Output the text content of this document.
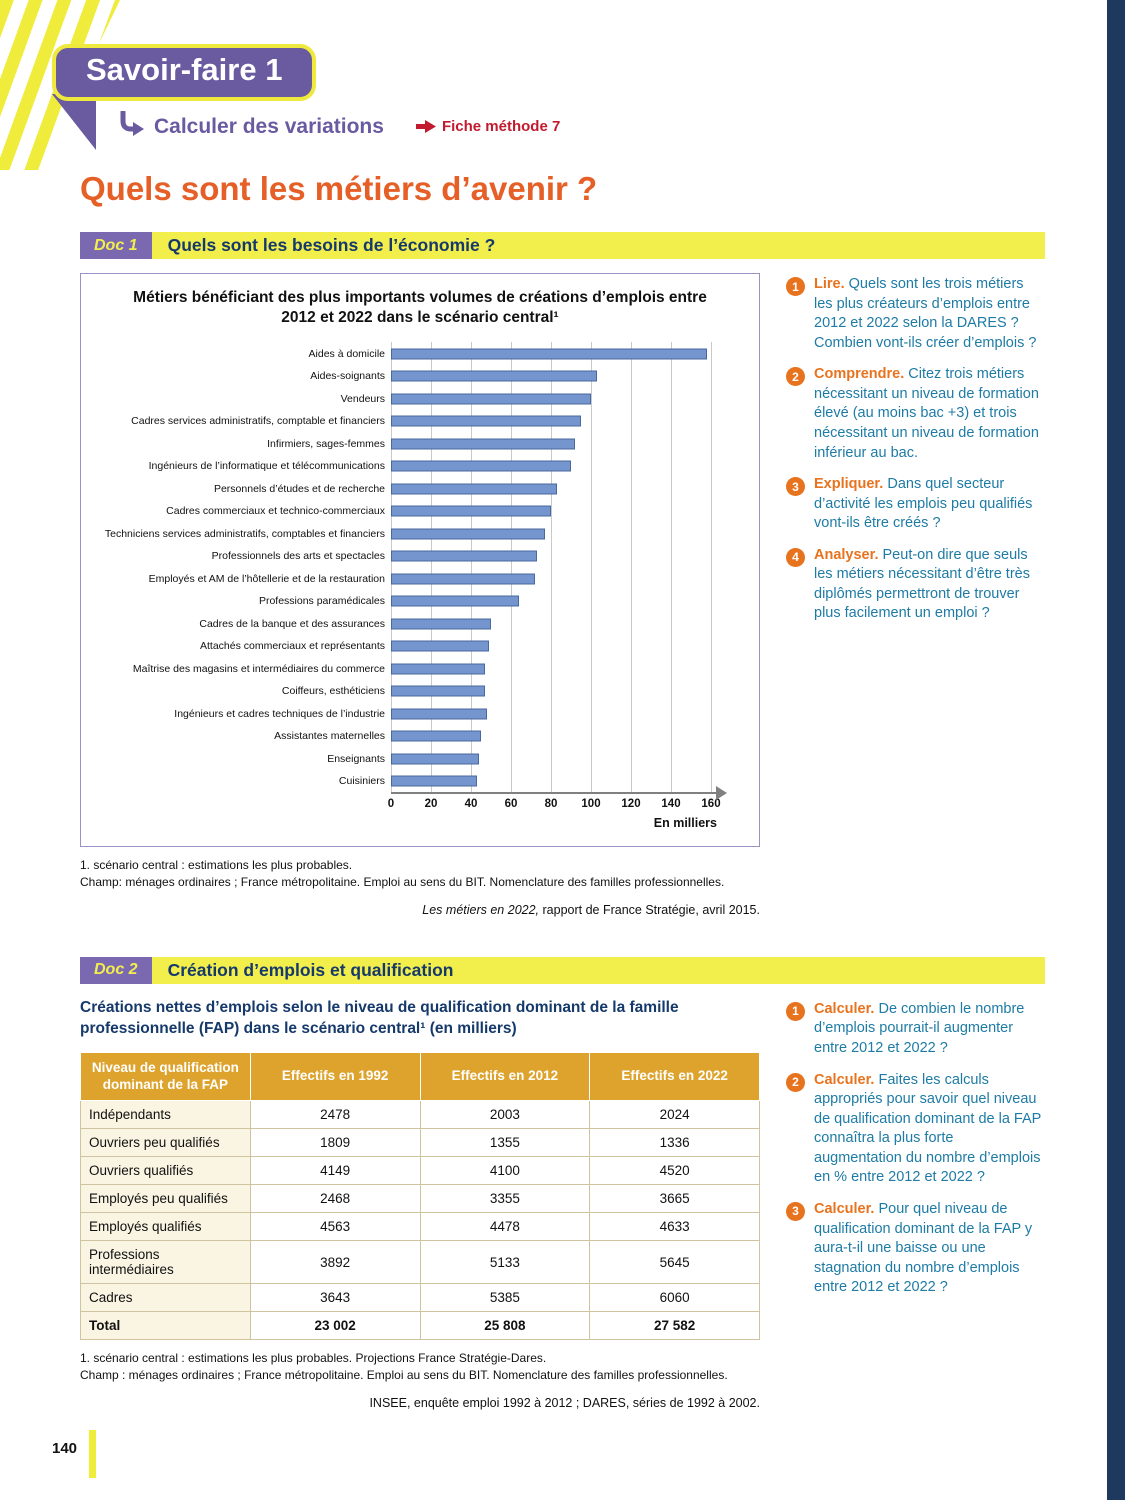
Savoir-faire 1
Calculer des variations	Fiche méthode 7
Quels sont les métiers d’avenir ?
Doc 1	Quels sont les besoins de l’économie ?
Métiers bénéficiant des plus importants volumes de créations d’emplois entre 2012 et 2022 dans le scénario central¹
Aides à domicile
Aides-soignants
Vendeurs
Cadres services administratifs, comptable et financiers
Infirmiers, sages-femmes
Ingénieurs de l’informatique et télécommunications
Personnels d’études et de recherche
Cadres commerciaux et technico-commerciaux
Techniciens services administratifs, comptables et financiers
Professionnels des arts et spectacles
Employés et AM de l’hôtellerie et de la restauration
Professions paramédicales
Cadres de la banque et des assurances
Attachés commerciaux et représentants
Maîtrise des magasins et intermédiaires du commerce
Coiffeurs, esthéticiens
Ingénieurs et cadres techniques de l’industrie
Assistantes maternelles
Enseignants
Cuisiniers
0	20 40 60 80 100 120 140 160
En milliers
1. scénario central : estimations les plus probables.
Champ: ménages ordinaires ; France métropolitaine. Emploi au sens du BIT. Nomenclature des familles professionnelles.
Les métiers en 2022, rapport de France Stratégie, avril 2015.
1	Lire. Quels sont les trois métiers les plus créateurs d’emplois entre 2012 et 2022 selon la DARES ? Combien vont-ils créer d’emplois ?
2	Comprendre. Citez trois métiers nécessitant un niveau de formation élevé (au moins bac +3) et trois nécessitant un niveau de formation inférieur au bac.
3	Expliquer. Dans quel secteur d’activité les emplois peu qualifiés vont-ils être créés ?
4	Analyser. Peut-on dire que seuls les métiers nécessitant d’être très diplômés permettront de trouver plus facilement un emploi ?
Doc 2	Création d’emplois et qualification
Créations nettes d’emplois selon le niveau de qualification dominant de la famille professionnelle (FAP) dans le scénario central¹ (en milliers)
Niveau de qualification dominant de la FAP	Effectifs en 1992	Effectifs en 2012	Effectifs en 2022
Indépendants	2478	2003	2024
Ouvriers peu qualifiés	1809	1355	1336
Ouvriers qualifiés	4149	4100	4520
Employés peu qualifiés	2468	3355	3665
Employés qualifiés	4563	4478	4633
Professions intermédiaires	3892	5133	5645
Cadres	3643	5385	6060
Total	23 002	25 808	27 582
1. scénario central : estimations les plus probables. Projections France Stratégie-Dares.
Champ : ménages ordinaires ; France métropolitaine. Emploi au sens du BIT. Nomenclature des familles professionnelles.
INSEE, enquête emploi 1992 à 2012 ; DARES, séries de 1992 à 2002.
1	Calculer. De combien le nombre d’emplois pourrait-il augmenter entre 2012 et 2022 ?
2	Calculer. Faites les calculs appropriés pour savoir quel niveau de qualification dominant de la FAP connaîtra la plus forte augmentation du nombre d’emplois en % entre 2012 et 2022 ?
3	Calculer. Pour quel niveau de qualification dominant de la FAP y aura-t-il une baisse ou une stagnation du nombre d’emplois entre 2012 et 2022 ?
140
